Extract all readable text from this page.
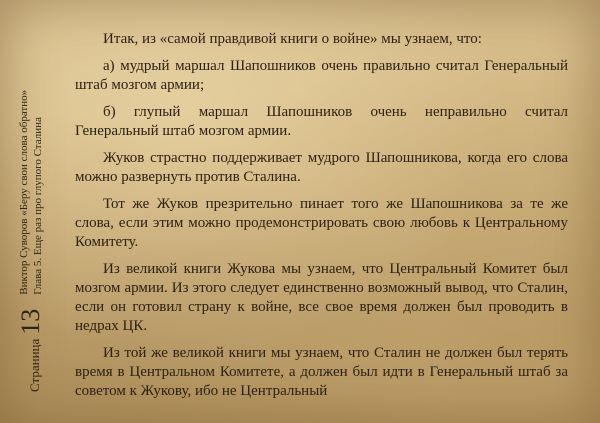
Страница
13
Виктор Суворов «Беру свои слова обратно» Глава 5. Еще раз про глупого Сталина

Итак, из «самой правдивой книги о войне» мы узнаем, что:

а) мудрый маршал Шапошников очень правильно считал Генеральный штаб мозгом армии;

б) глупый маршал Шапошников очень неправильно считал Генеральный штаб мозгом армии.

Жуков страстно поддерживает мудрого Шапошникова, когда его слова можно развернуть против Сталина.

Тот же Жуков презрительно пинает того же Шапошникова за те же слова, если этим можно продемонстрировать свою любовь к Центральному Комитету.

Из великой книги Жукова мы узнаем, что Центральный Комитет был мозгом армии. Из этого следует единственно возможный вывод, что Сталин, если он готовил страну к войне, все свое время должен был проводить в недрах ЦК.

Из той же великой книги мы узнаем, что Сталин не должен был терять время в Центральном Комитете, а должен был идти в Генеральный штаб за советом к Жукову, ибо не Центральный
